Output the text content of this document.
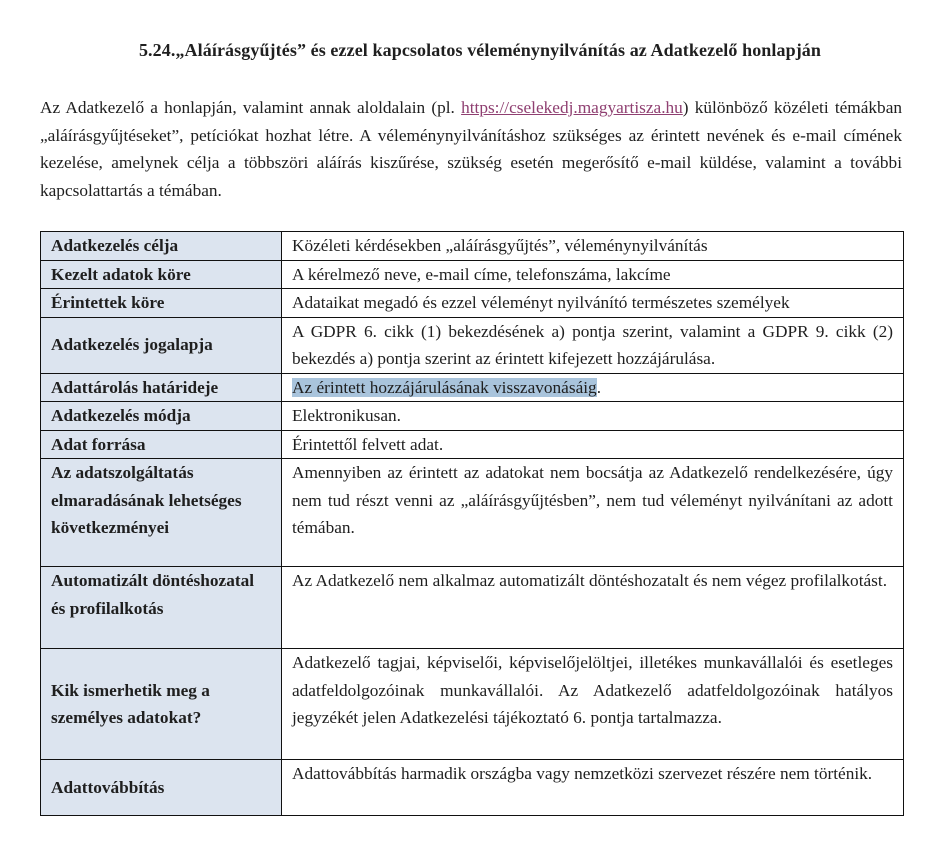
5.24.„Aláírásgyűjtés” és ezzel kapcsolatos véleménynyilvánítás az Adatkezelő honlapján
Az Adatkezelő a honlapján, valamint annak aloldalain (pl. https://cselekedj.magyartisza.hu) különböző közéleti témákban „aláírásgyűjtéseket”, petíciókat hozhat létre. A véleménynyilvánításhoz szükséges az érintett nevének és e-mail címének kezelése, amelynek célja a többszöri aláírás kiszűrése, szükség esetén megerősítő e-mail küldése, valamint a további kapcsolattartás a témában.
Adatkezelés célja	Közéleti kérdésekben „aláírásgyűjtés”, véleménynyilvánítás
Kezelt adatok köre	A kérelmező neve, e-mail címe, telefonszáma, lakcíme
Érintettek köre	Adataikat megadó és ezzel véleményt nyilvánító természetes személyek
Adatkezelés jogalapja	A GDPR 6. cikk (1) bekezdésének a) pontja szerint, valamint a GDPR 9. cikk (2) bekezdés a) pontja szerint az érintett kifejezett hozzájárulása.
Adattárolás határideje	Az érintett hozzájárulásának visszavonásáig.
Adatkezelés módja	Elektronikusan.
Adat forrása	Érintettől felvett adat.
Az adatszolgáltatás elmaradásának lehetséges következményei	Amennyiben az érintett az adatokat nem bocsátja az Adatkezelő rendelkezésére, úgy nem tud részt venni az „aláírásgyűjtésben”, nem tud véleményt nyilvánítani az adott témában.
Automatizált döntéshozatal és profilalkotás	Az Adatkezelő nem alkalmaz automatizált döntéshozatalt és nem végez profilalkotást.
Kik ismerhetik meg a személyes adatokat?	Adatkezelő tagjai, képviselői, képviselőjelöltjei, illetékes munkavállalói és esetleges adatfeldolgozóinak munkavállalói. Az Adatkezelő adatfeldolgozóinak hatályos jegyzékét jelen Adatkezelési tájékoztató 6. pontja tartalmazza.
Adattovábbítás	Adattovábbítás harmadik országba vagy nemzetközi szervezet részére nem történik.
